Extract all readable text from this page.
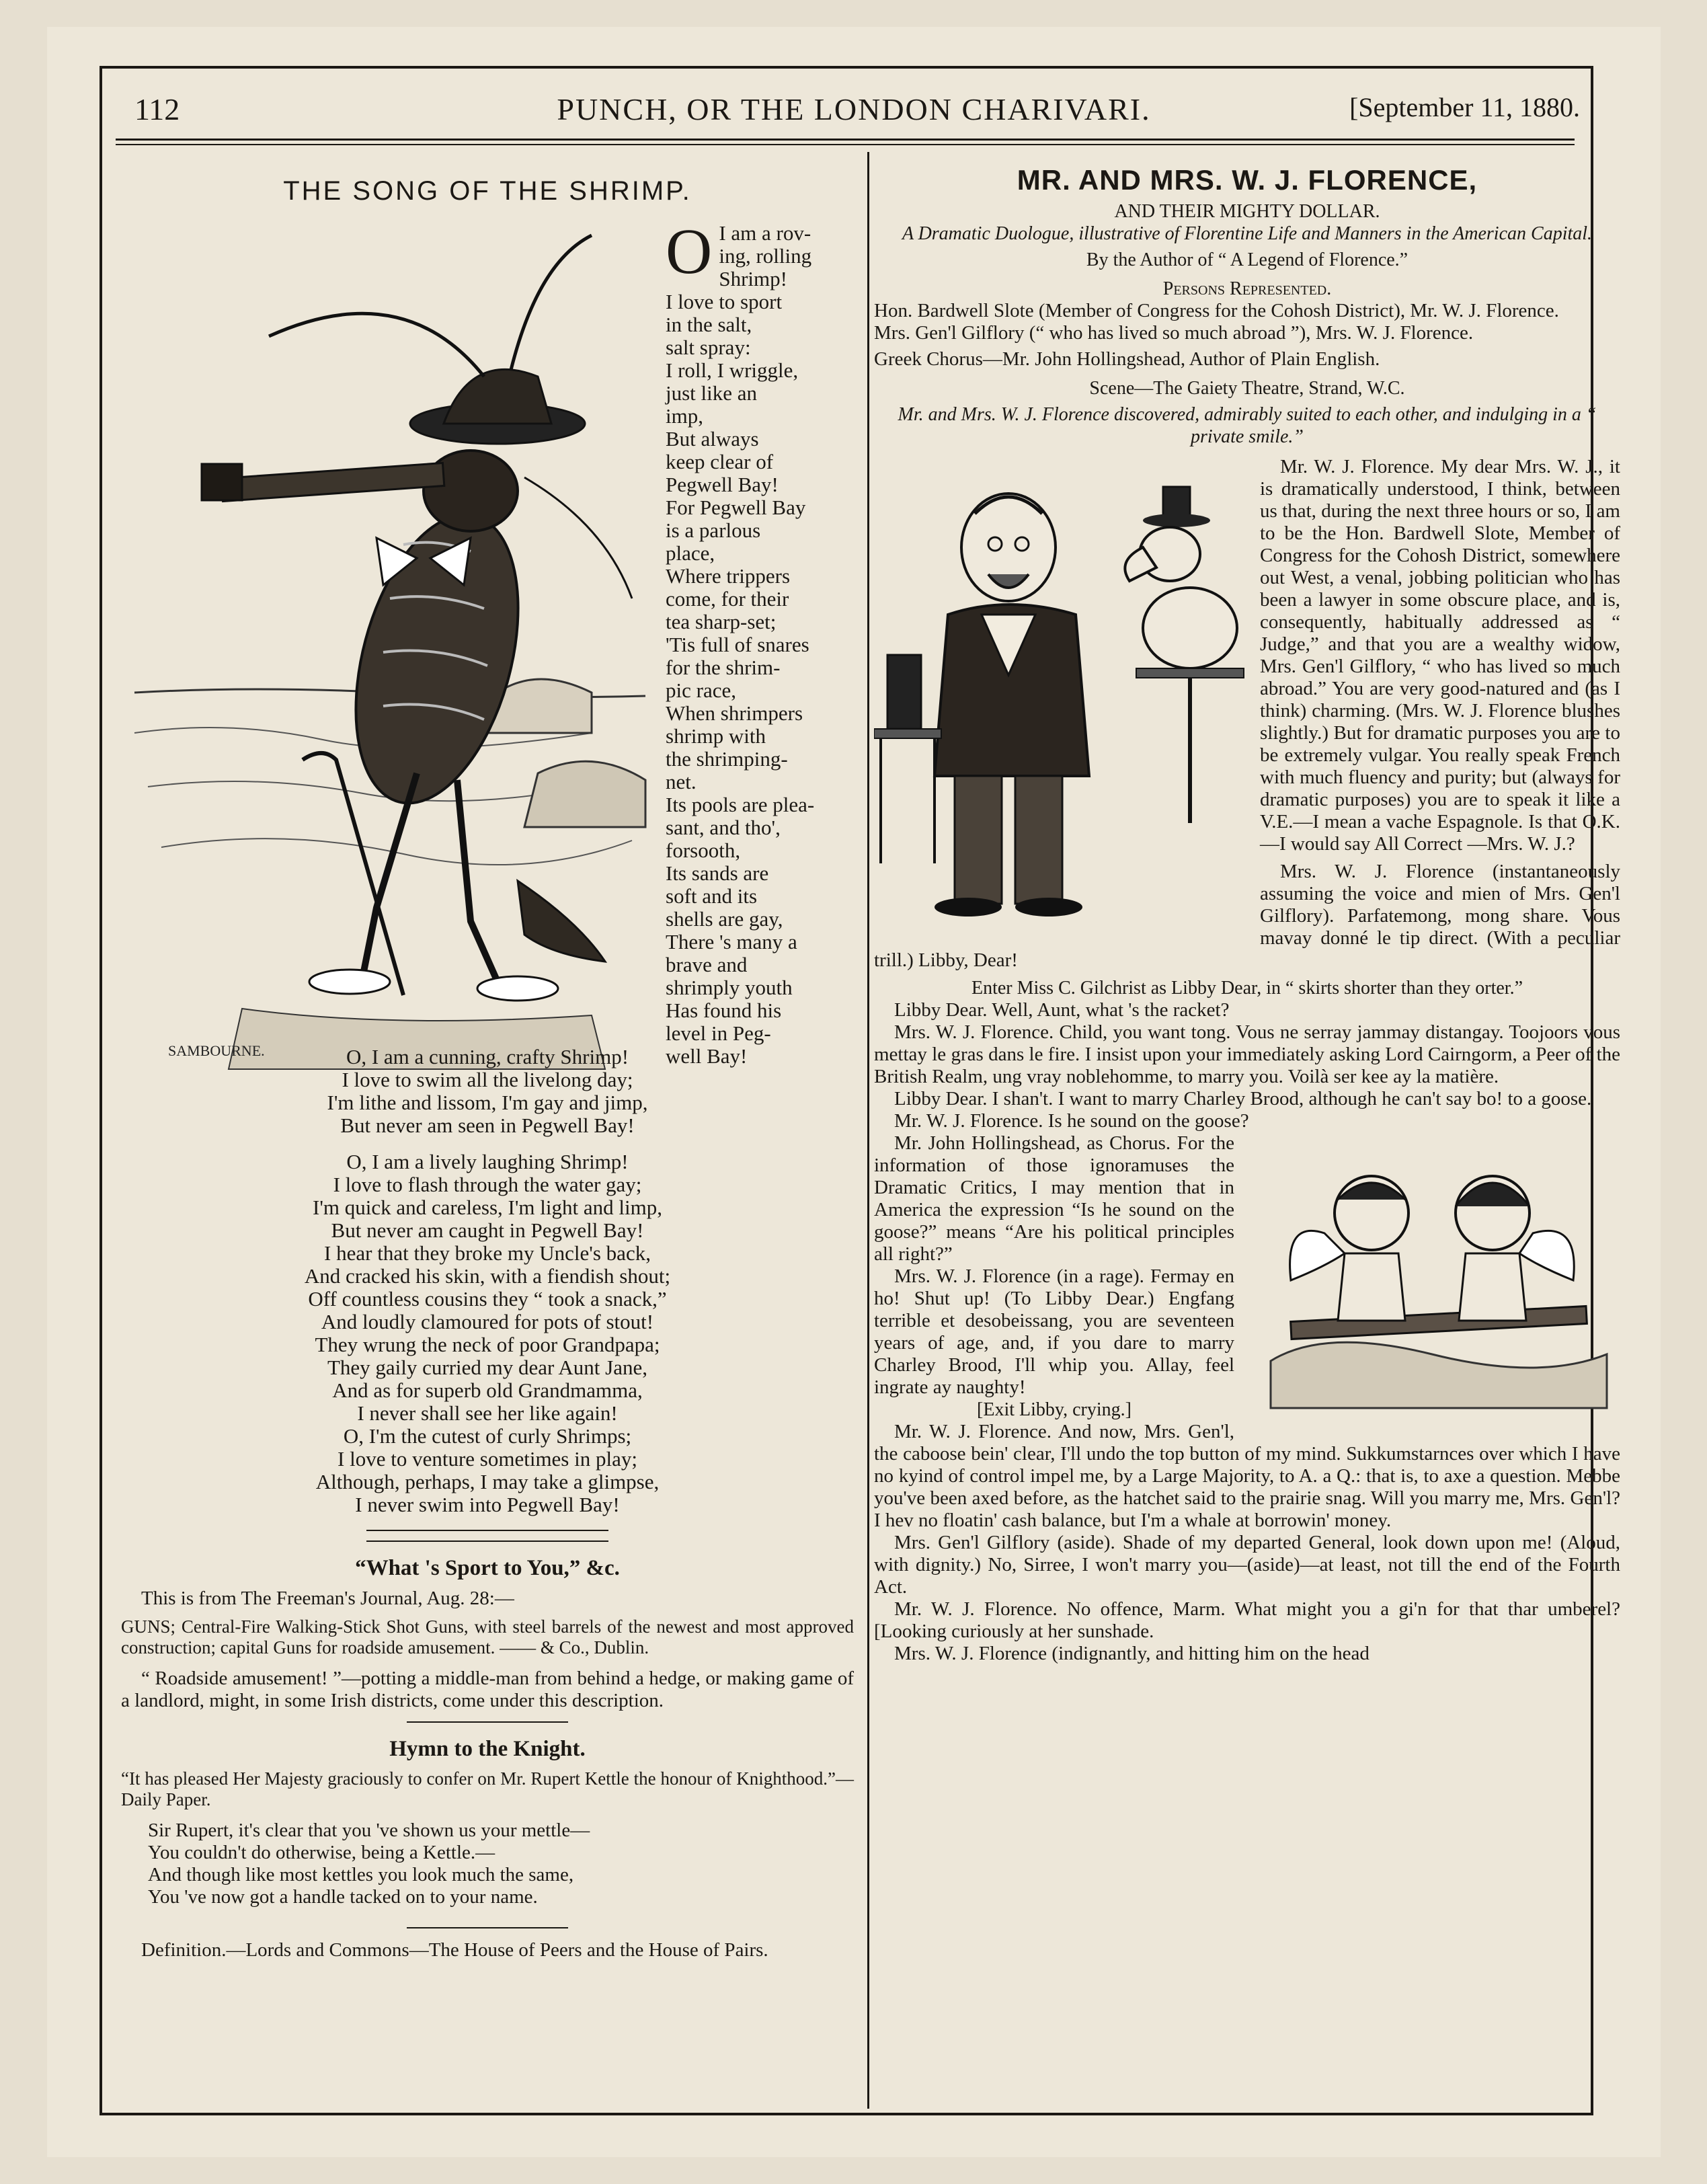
112	PUNCH, OR THE LONDON CHARIVARI.	[September 11, 1880.
THE SONG OF THE SHRIMP.
SAMBOURNE.
O I am a rov-

ing, rolling

Shrimp!

I love to sport

in the salt,

salt spray:

I roll, I wriggle,

just like an

imp,

But always

keep clear of

Pegwell Bay!

For Pegwell Bay

is a parlous

place,

Where trippers

come, for their

tea sharp-set;

'Tis full of snares

for the shrim-

pic race,

When shrimpers

shrimp with

the shrimping-

net.

Its pools are plea-

sant, and tho',

forsooth,

Its sands are

soft and its

shells are gay,

There 's many a

brave and

shrimply youth

Has found his

level in Peg-

well Bay!

O, I am a cunning, crafty Shrimp!
I love to swim all the livelong day;
I'm lithe and lissom, I'm gay and jimp,
But never am seen in Pegwell Bay!
O, I am a lively laughing Shrimp!
I love to flash through the water gay;
I'm quick and careless, I'm light and limp,
But never am caught in Pegwell Bay!
I hear that they broke my Uncle's back,
And cracked his skin, with a fiendish shout;
Off countless cousins they “ took a snack,”
And loudly clamoured for pots of stout!
They wrung the neck of poor Grandpapa;
They gaily curried my dear Aunt Jane,
And as for superb old Grandmamma,
I never shall see her like again!
O, I'm the cutest of curly Shrimps;
I love to venture sometimes in play;
Although, perhaps, I may take a glimpse,
I never swim into Pegwell Bay!
“What 's Sport to You,” &c.

This is from The Freeman's Journal, Aug. 28:—

GUNS; Central-Fire Walking-Stick Shot Guns, with steel barrels of the newest and most approved construction; capital Guns for roadside amusement. —— & Co., Dublin.

“ Roadside amusement! ”—potting a middle-man from behind a hedge, or making game of a landlord, might, in some Irish districts, come under this description.

Hymn to the Knight.

“It has pleased Her Majesty graciously to confer on Mr. Rupert Kettle the honour of Knighthood.”—Daily Paper.

Sir Rupert, it's clear that you 've shown us your mettle—
You couldn't do otherwise, being a Kettle.—
And though like most kettles you look much the same,
You 've now got a handle tacked on to your name.

Definition.—Lords and Commons—The House of Peers and the House of Pairs.

MR. AND MRS. W. J. FLORENCE,
AND THEIR MIGHTY DOLLAR.
A Dramatic Duologue, illustrative of Florentine Life and Manners in the American Capital.
By the Author of “ A Legend of Florence.”
Persons Represented.

Hon. Bardwell Slote (Member of Congress for the Cohosh District), Mr. W. J. Florence.

Mrs. Gen'l Gilflory (“ who has lived so much abroad ”), Mrs. W. J. Florence.

Greek Chorus—Mr. John Hollingshead, Author of Plain English.

Scene—The Gaiety Theatre, Strand, W.C.
Mr. and Mrs. W. J. Florence discovered, admirably suited to each other, and indulging in a “ private smile.”

Mr. W. J. Florence. My dear Mrs. W. J., it is dramatically understood, I think, between us that, during the next three hours or so, I am to be the Hon. Bardwell Slote, Member of Congress for the Cohosh District, somewhere out West, a venal, jobbing politician who has been a lawyer in some obscure place, and is, consequently, habitually addressed as “ Judge,” and that you are a wealthy widow, Mrs. Gen'l Gilflory, “ who has lived so much abroad.” You are very good-natured and (as I think) charming. (Mrs. W. J. Florence blushes slightly.) But for dramatic purposes you are to be extremely vulgar. You really speak French with much fluency and purity; but (always for dramatic purposes) you are to speak it like a V.E.—I mean a vache Espagnole. Is that O.K.—I would say All Correct —Mrs. W. J.?

Mrs. W. J. Florence (instantaneously assuming the voice and mien of Mrs. Gen'l Gilflory). Parfatemong, mong share. Vous mavay donné le tip direct. (With a peculiar trill.) Libby, Dear!

Enter Miss C. Gilchrist as Libby Dear, in “ skirts shorter than they orter.”

Libby Dear. Well, Aunt, what 's the racket?

Mrs. W. J. Florence. Child, you want tong. Vous ne serray jammay distangay. Toojoors vous mettay le gras dans le fire. I insist upon your immediately asking Lord Cairngorm, a Peer of the British Realm, ung vray noblehomme, to marry you. Voilà ser kee ay la matière.

Libby Dear. I shan't. I want to marry Charley Brood, although he can't say bo! to a goose.

Mr. W. J. Florence. Is he sound on the goose?

Mr. John Hollingshead, as Chorus. For the information of those ignoramuses the Dramatic Critics, I may mention that in America the expression “Is he sound on the goose?” means “Are his political principles all right?”

Mrs. W. J. Florence (in a rage). Fermay en ho! Shut up! (To Libby Dear.) Engfang terrible et desobeissang, you are seventeen years of age, and, if you dare to marry Charley Brood, I'll whip you. Allay, feel ingrate ay naughty!

[Exit Libby, crying.]

Mr. W. J. Florence. And now, Mrs. Gen'l, the caboose bein' clear, I'll undo the top button of my mind. Sukkumstarnces over which I have no kyind of control impel me, by a Large Majority, to A. a Q.: that is, to axe a question. Mebbe you've been axed before, as the hatchet said to the prairie snag. Will you marry me, Mrs. Gen'l? I hev no floatin' cash balance, but I'm a whale at borrowin' money.

Mrs. Gen'l Gilflory (aside). Shade of my departed General, look down upon me! (Aloud, with dignity.) No, Sirree, I won't marry you—(aside)—at least, not till the end of the Fourth Act.

Mr. W. J. Florence. No offence, Marm. What might you a gi'n for that thar umberel? [Looking curiously at her sunshade.

Mrs. W. J. Florence (indignantly, and hitting him on the head
